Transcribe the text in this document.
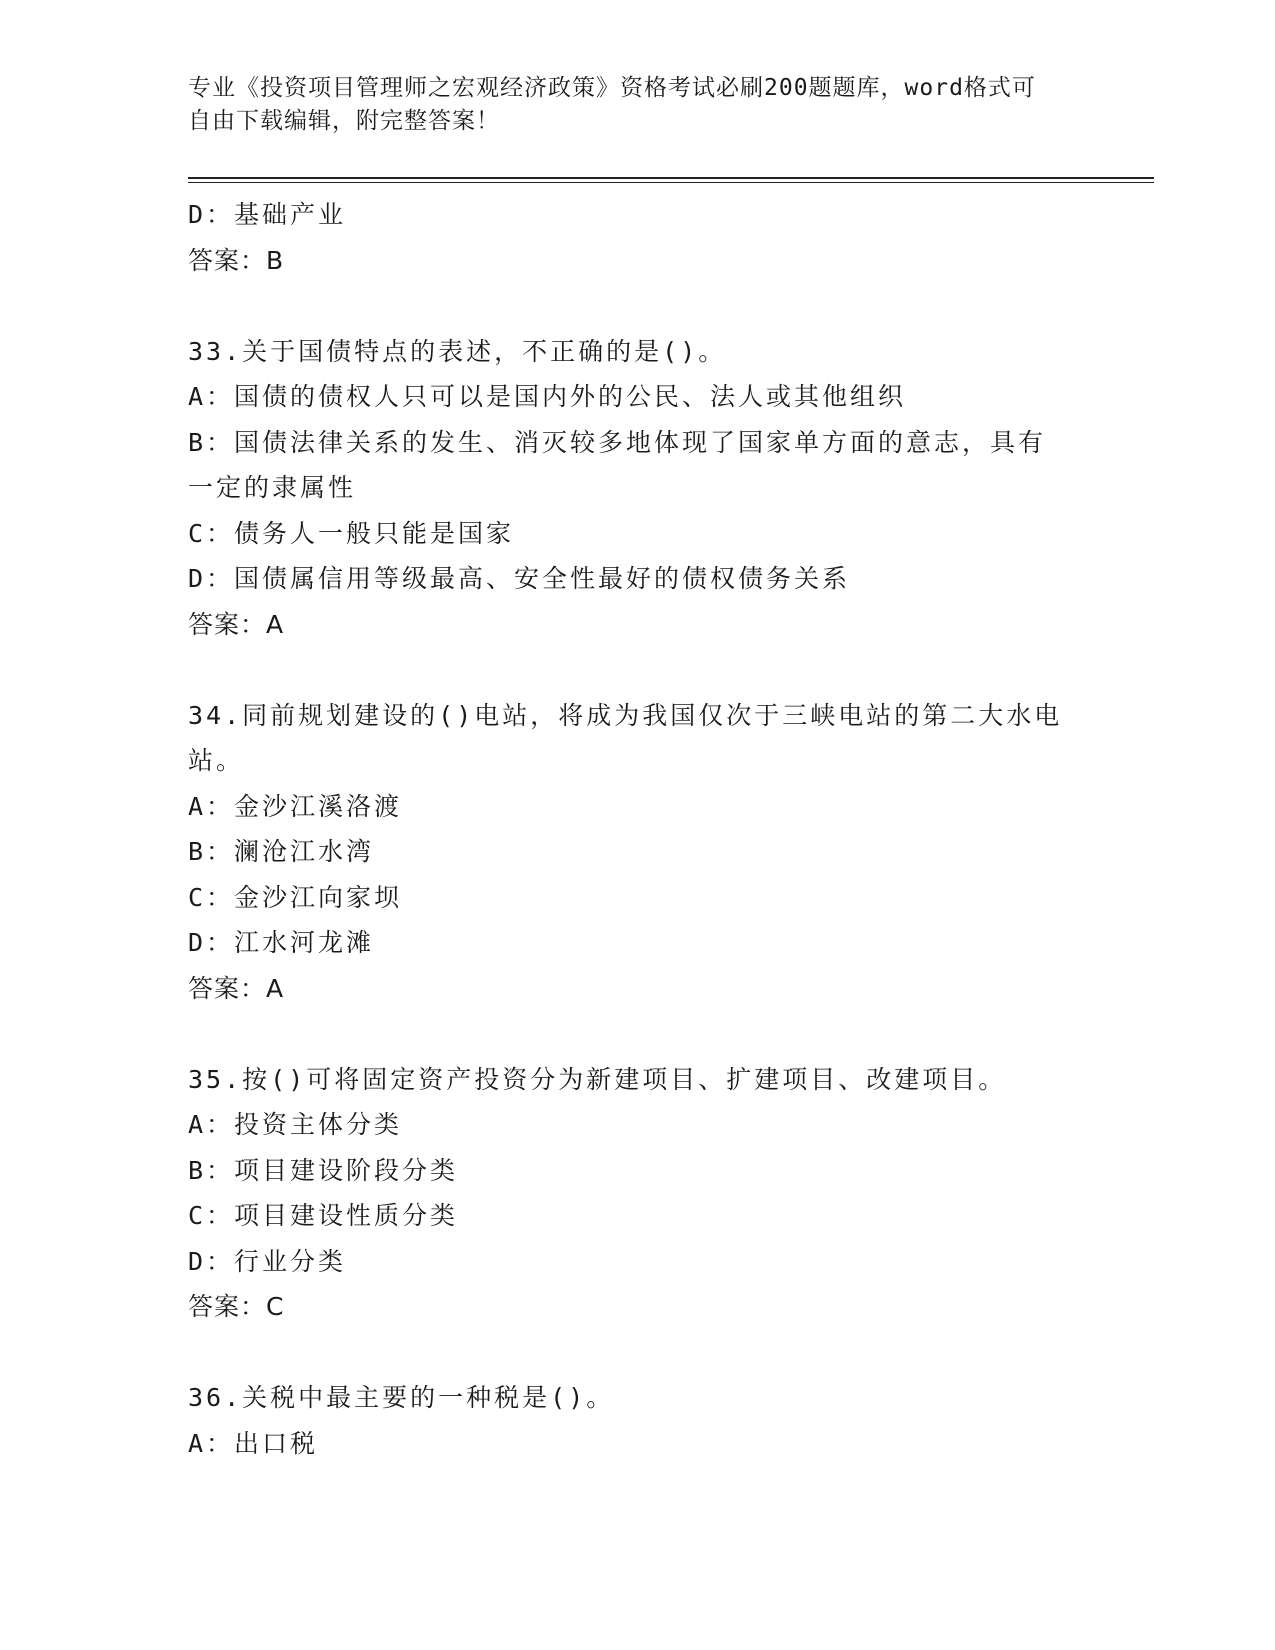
专业《投资项目管理师之宏观经济政策》资格考试必刷200题题库，word格式可
自由下载编辑，附完整答案！
D：基础产业
答案：B
33.关于国债特点的表述，不正确的是()。
A：国债的债权人只可以是国内外的公民、法人或其他组织
B：国债法律关系的发生、消灭较多地体现了国家单方面的意志，具有
一定的隶属性
C：债务人一般只能是国家
D：国债属信用等级最高、安全性最好的债权债务关系
答案：A
34.同前规划建设的()电站，将成为我国仅次于三峡电站的第二大水电
站。
A：金沙江溪洛渡
B：澜沧江水湾
C：金沙江向家坝
D：江水河龙滩
答案：A
35.按()可将固定资产投资分为新建项目、扩建项目、改建项目。
A：投资主体分类
B：项目建设阶段分类
C：项目建设性质分类
D：行业分类
答案：C
36.关税中最主要的一种税是()。
A：出口税
